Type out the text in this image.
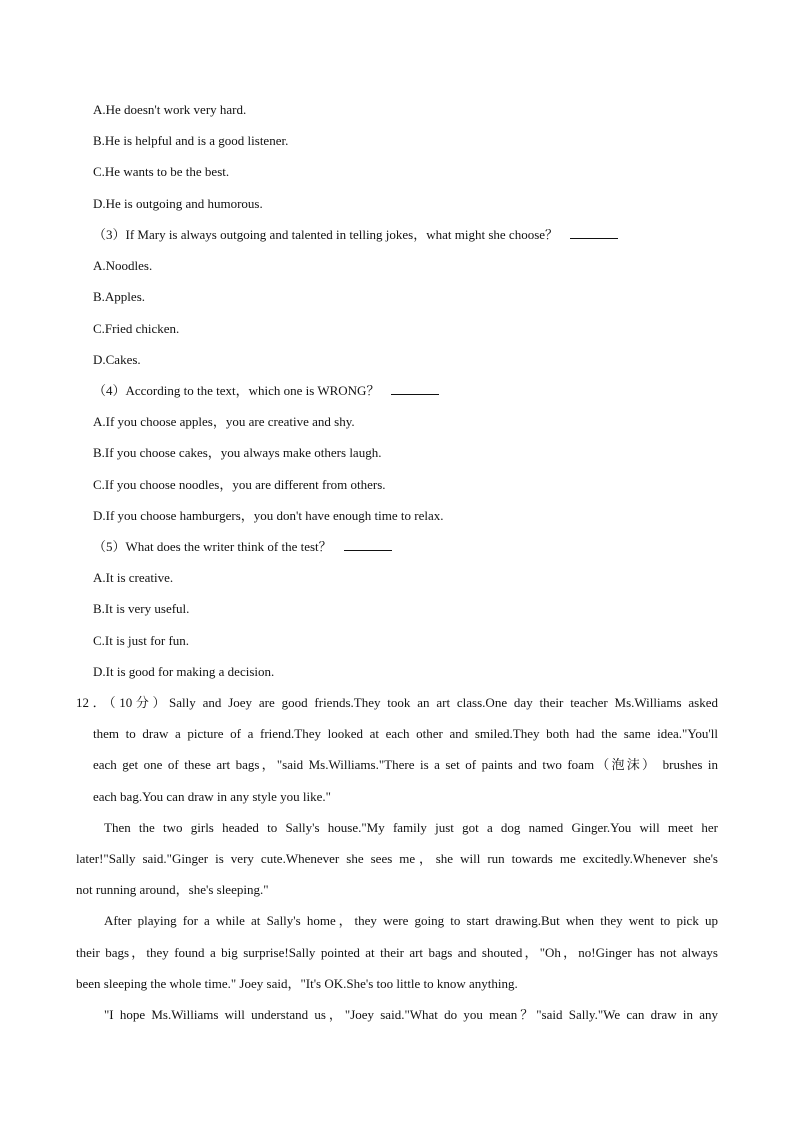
A.He doesn't work very hard.
B.He is helpful and is a good listener.
C.He wants to be the best.
D.He is outgoing and humorous.
（3）If Mary is always outgoing and talented in telling jokes，what might she choose？
A.Noodles.
B.Apples.
C.Fried chicken.
D.Cakes.
（4）According to the text，which one is WRONG？
A.If you choose apples，you are creative and shy.
B.If you choose cakes，you always make others laugh.
C.If you choose noodles，you are different from others.
D.If you choose hamburgers，you don't have enough time to relax.
（5）What does the writer think of the test？
A.It is creative.
B.It is very useful.
C.It is just for fun.
D.It is good for making a decision.
12．（10分）Sally and Joey are good friends.They took an art class.One day their teacher Ms.Williams asked
them to draw a picture of a friend.They looked at each other and smiled.They both had the same idea."You'll
each get one of these art bags，"said Ms.Williams."There is a set of paints and two foam（泡沫） brushes in
each bag.You can draw in any style you like."
Then the two girls headed to Sally's house."My family just got a dog named Ginger.You will meet her
later!"Sally said."Ginger is very cute.Whenever she sees me，she will run towards me excitedly.Whenever she's
not running around，she's sleeping."
After playing for a while at Sally's home，they were going to start drawing.But when they went to pick up
their bags，they found a big surprise!Sally pointed at their art bags and shouted，"Oh，no!Ginger has not always
been sleeping the whole time." Joey said，"It's OK.She's too little to know anything.
"I hope Ms.Williams will understand us，"Joey said."What do you mean？"said Sally."We can draw in any
